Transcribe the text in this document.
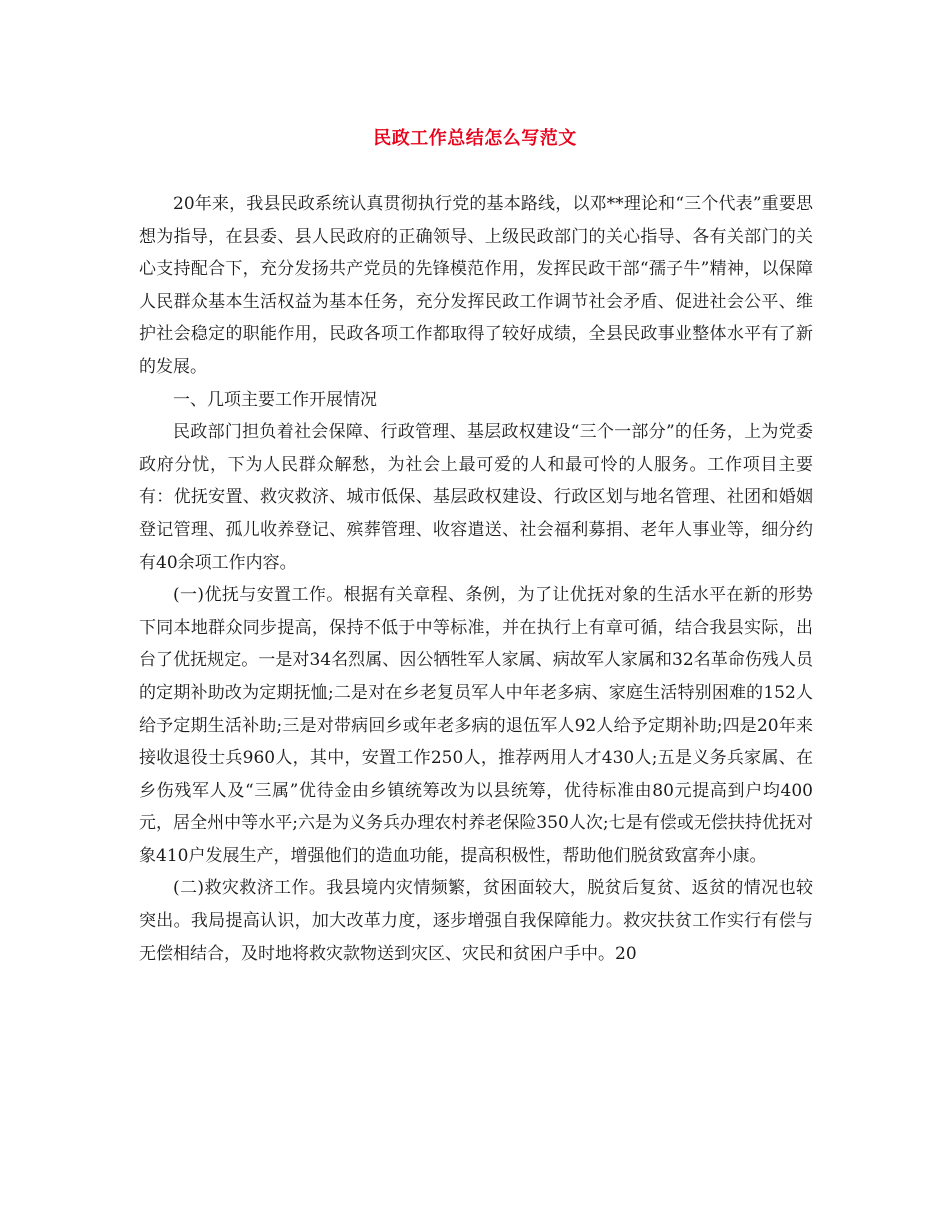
民政工作总结怎么写范文

20年来，我县民政系统认真贯彻执行党的基本路线，以邓**理论和“三个代表”重要思想为指导，在县委、县人民政府的正确领导、上级民政部门的关心指导、各有关部门的关心支持配合下，充分发扬共产党员的先锋模范作用，发挥民政干部“孺子牛”精神，以保障人民群众基本生活权益为基本任务，充分发挥民政工作调节社会矛盾、促进社会公平、维护社会稳定的职能作用，民政各项工作都取得了较好成绩，全县民政事业整体水平有了新的发展。

一、几项主要工作开展情况

民政部门担负着社会保障、行政管理、基层政权建设“三个一部分”的任务，上为党委政府分忧，下为人民群众解愁，为社会上最可爱的人和最可怜的人服务。工作项目主要有：优抚安置、救灾救济、城市低保、基层政权建设、行政区划与地名管理、社团和婚姻登记管理、孤儿收养登记、殡葬管理、收容遣送、社会福利募捐、老年人事业等，细分约有40余项工作内容。

(一)优抚与安置工作。根据有关章程、条例，为了让优抚对象的生活水平在新的形势下同本地群众同步提高，保持不低于中等标准，并在执行上有章可循，结合我县实际，出台了优抚规定。一是对34名烈属、因公牺牲军人家属、病故军人家属和32名革命伤残人员的定期补助改为定期抚恤;二是对在乡老复员军人中年老多病、家庭生活特别困难的152人给予定期生活补助;三是对带病回乡或年老多病的退伍军人92人给予定期补助;四是20年来接收退役士兵960人，其中，安置工作250人，推荐两用人才430人;五是义务兵家属、在乡伤残军人及“三属”优待金由乡镇统筹改为以县统筹，优待标准由80元提高到户均400元，居全州中等水平;六是为义务兵办理农村养老保险350人次;七是有偿或无偿扶持优抚对象410户发展生产，增强他们的造血功能，提高积极性，帮助他们脱贫致富奔小康。

(二)救灾救济工作。我县境内灾情频繁，贫困面较大，脱贫后复贫、返贫的情况也较突出。我局提高认识，加大改革力度，逐步增强自我保障能力。救灾扶贫工作实行有偿与无偿相结合，及时地将救灾款物送到灾区、灾民和贫困户手中。20
